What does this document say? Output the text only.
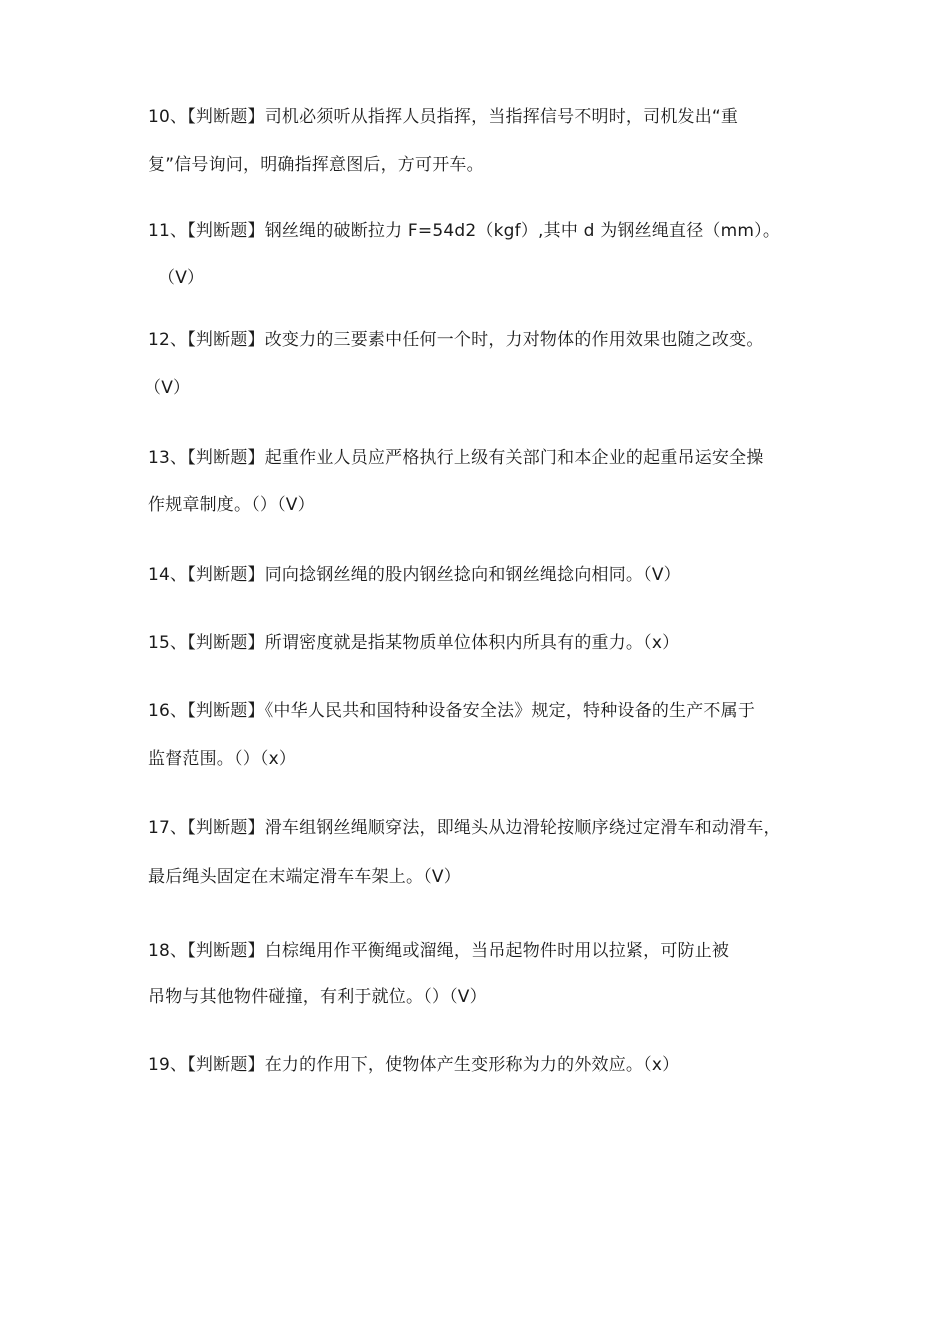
10、【判断题】司机必须听从指挥人员指挥，当指挥信号不明时，司机发出“重
复”信号询问，明确指挥意图后，方可开车。
11、【判断题】钢丝绳的破断拉力 F=54d2（kgf）,其中 d 为钢丝绳直径（mm）。
（V）
12、【判断题】改变力的三要素中任何一个时，力对物体的作用效果也随之改变。
（V）
13、【判断题】起重作业人员应严格执行上级有关部门和本企业的起重吊运安全操
作规章制度。（）（V）
14、【判断题】同向捻钢丝绳的股内钢丝捻向和钢丝绳捻向相同。（V）
15、【判断题】所谓密度就是指某物质单位体积内所具有的重力。（x）
16、【判断题】《中华人民共和国特种设备安全法》规定，特种设备的生产不属于
监督范围。（）（x）
17、【判断题】滑车组钢丝绳顺穿法，即绳头从边滑轮按顺序绕过定滑车和动滑车，
最后绳头固定在末端定滑车车架上。（V）
18、【判断题】白棕绳用作平衡绳或溜绳，当吊起物件时用以拉紧，可防止被
吊物与其他物件碰撞，有利于就位。（）（V）
19、【判断题】在力的作用下，使物体产生变形称为力的外效应。（x）
